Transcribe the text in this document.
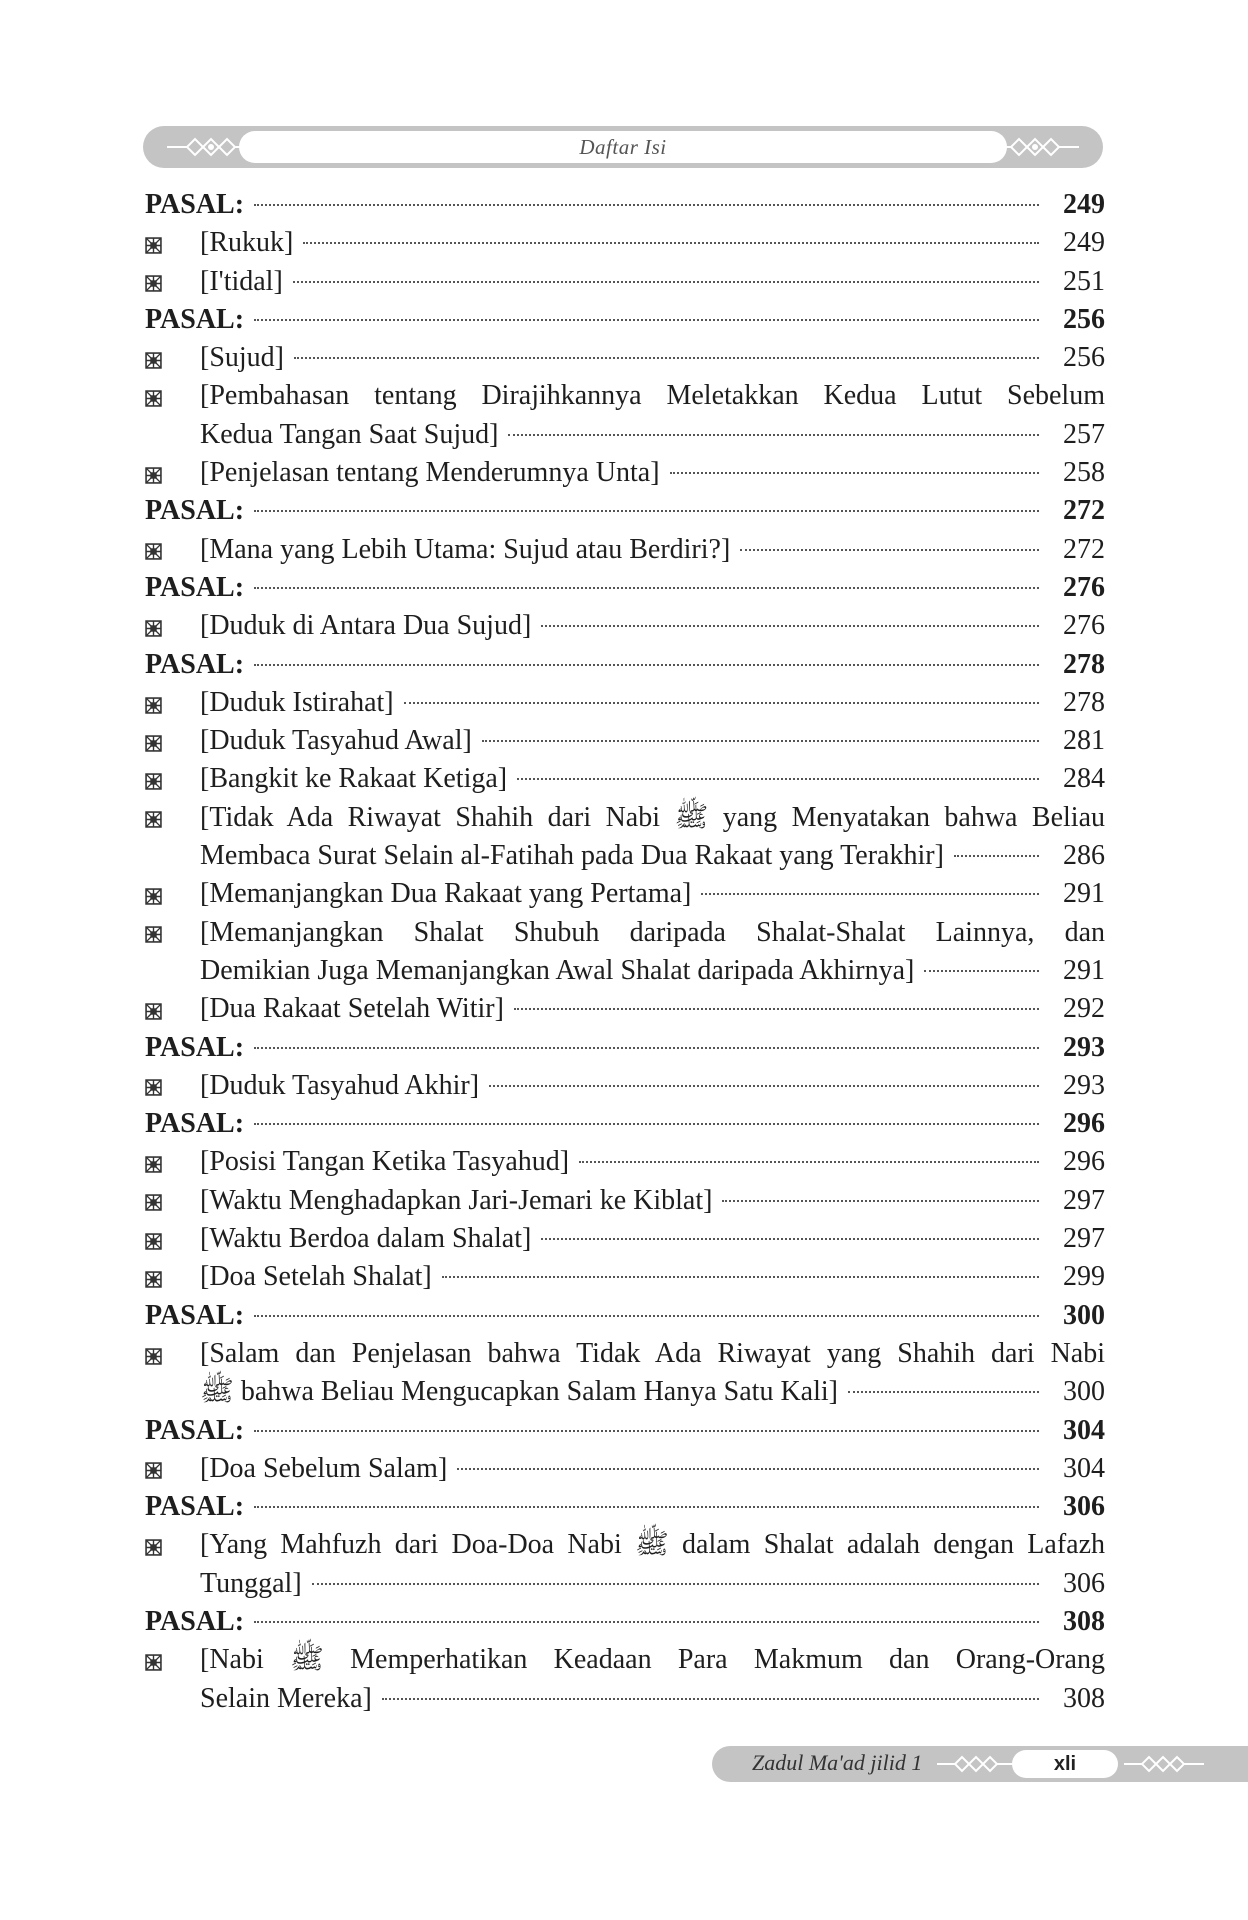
Daftar Isi
PASAL:	249
[Rukuk]	249
[I'tidal]	251
PASAL:	256
[Sujud]	256
[Pembahasan tentang Dirajihkannya Meletakkan Kedua Lutut Sebelum
Kedua Tangan Saat Sujud]	257
[Penjelasan tentang Menderumnya Unta]	258
PASAL:	272
[Mana yang Lebih Utama: Sujud atau Berdiri?]	272
PASAL:	276
[Duduk di Antara Dua Sujud]	276
PASAL:	278
[Duduk Istirahat]	278
[Duduk Tasyahud Awal]	281
[Bangkit ke Rakaat Ketiga]	284
[Tidak Ada Riwayat Shahih dari Nabi ﷺ yang Menyatakan bahwa Beliau
Membaca Surat Selain al-Fatihah pada Dua Rakaat yang Terakhir]	286
[Memanjangkan Dua Rakaat yang Pertama]	291
[Memanjangkan Shalat Shubuh daripada Shalat-Shalat Lainnya, dan
Demikian Juga Memanjangkan Awal Shalat daripada Akhirnya]	291
[Dua Rakaat Setelah Witir]	292
PASAL:	293
[Duduk Tasyahud Akhir]	293
PASAL:	296
[Posisi Tangan Ketika Tasyahud]	296
[Waktu Menghadapkan Jari-Jemari ke Kiblat]	297
[Waktu Berdoa dalam Shalat]	297
[Doa Setelah Shalat]	299
PASAL:	300
[Salam dan Penjelasan bahwa Tidak Ada Riwayat yang Shahih dari Nabi
ﷺ bahwa Beliau Mengucapkan Salam Hanya Satu Kali]	300
PASAL:	304
[Doa Sebelum Salam]	304
PASAL:	306
[Yang Mahfuzh dari Doa-Doa Nabi ﷺ dalam Shalat adalah dengan Lafazh
Tunggal]	306
PASAL:	308
[Nabi ﷺ Memperhatikan Keadaan Para Makmum dan Orang-Orang
Selain Mereka]	308
Zadul Ma'ad jilid 1	xli
